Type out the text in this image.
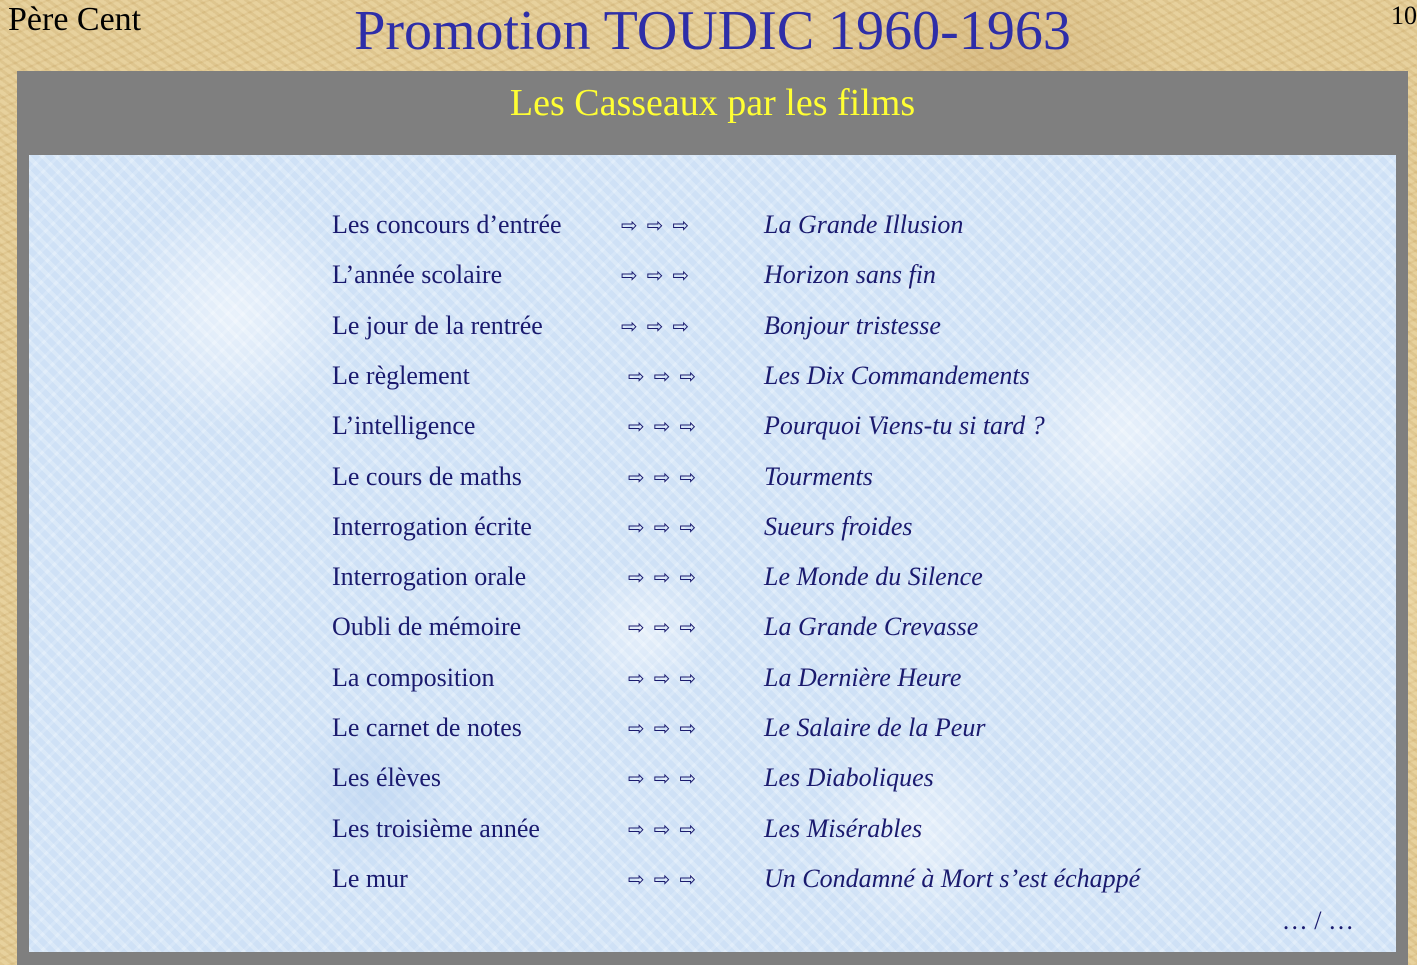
Père Cent	Promotion TOUDIC 1960-1963	10
Les Casseaux par les films
… / …
Les concours d’entrée	⇨⇨⇨	La Grande Illusion
L’année scolaire	⇨⇨⇨	Horizon sans fin
Le jour de la rentrée	⇨⇨⇨	Bonjour tristesse
Le règlement	⇨⇨⇨ Les Dix Commandements
L’intelligence	⇨⇨⇨ Pourquoi Viens-tu si tard ?
Le cours de maths	⇨⇨⇨ Tourments
Interrogation écrite	⇨⇨⇨ Sueurs froides
Interrogation orale	⇨⇨⇨ Le Monde du Silence
Oubli de mémoire	⇨⇨⇨ La Grande Crevasse
La composition	⇨⇨⇨ La Dernière Heure
Le carnet de notes	⇨⇨⇨ Le Salaire de la Peur
Les élèves	⇨⇨⇨ Les Diaboliques
Les troisième année	⇨⇨⇨ Les Misérables
Le mur	⇨⇨⇨ Un Condamné à Mort s’est échappé
